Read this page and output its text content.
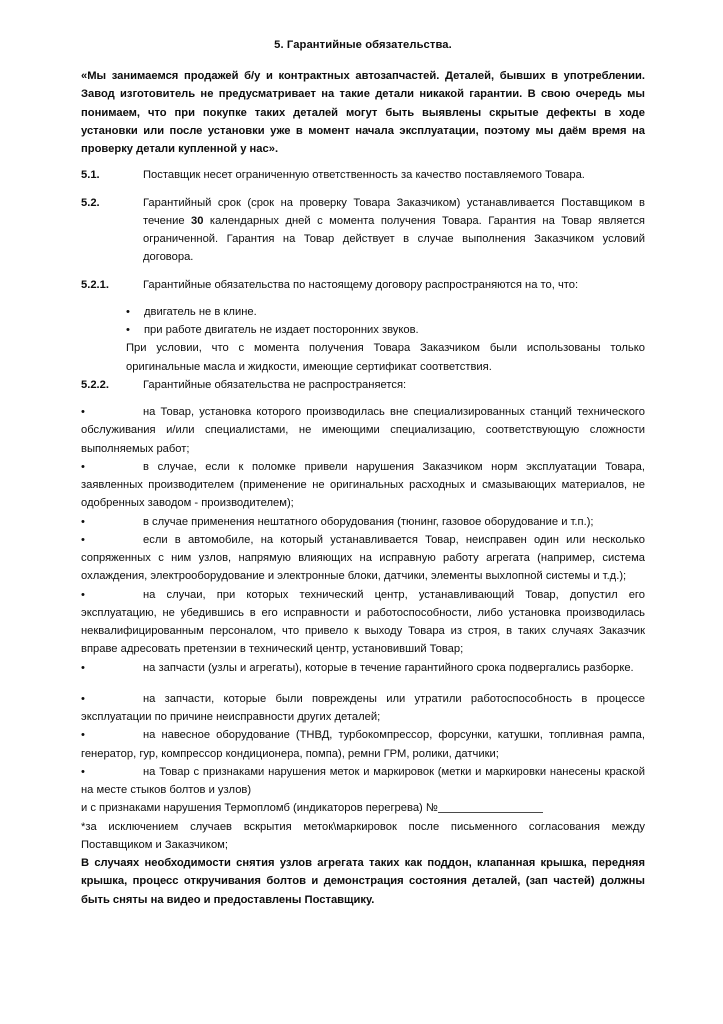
5. Гарантийные обязательства.

«Мы занимаемся продажей б/у и контрактных автозапчастей. Деталей, бывших в употреблении. Завод изготовитель не предусматривает на такие детали никакой гарантии. В свою очередь мы понимаем, что при покупке таких деталей могут быть выявлены скрытые дефекты в ходе установки или после установки уже в момент начала эксплуатации, поэтому мы даём время на проверку детали купленной у нас».

5.1.	Поставщик несет ограниченную ответственность за качество поставляемого Товара.

5.2.	Гарантийный срок (срок на проверку Товара Заказчиком) устанавливается Поставщиком в течение 30 календарных дней с момента получения Товара. Гарантия на Товар является ограниченной. Гарантия на Товар действует в случае выполнения Заказчиком условий договора.

5.2.1.	Гарантийные обязательства по настоящему договору распространяются на то, что:

• двигатель не в клине.
• при работе двигатель не издает посторонних звуков.

При условии, что с момента получения Товара Заказчиком были использованы только оригинальные масла и жидкости, имеющие сертификат соответствия.

5.2.2.	Гарантийные обязательства не распространяется:

•на Товар, установка которого производилась вне специализированных станций технического обслуживания и/или специалистами, не имеющими специализацию, соответствующую сложности выполняемых работ;
•в случае, если к поломке привели нарушения Заказчиком норм эксплуатации Товара, заявленных производителем (применение не оригинальных расходных и смазывающих материалов, не одобренных заводом - производителем);
•в случае применения нештатного оборудования (тюнинг, газовое оборудование и т.п.);
•если в автомобиле, на который устанавливается Товар, неисправен один или несколько сопряженных с ним узлов, напрямую влияющих на исправную работу агрегата (например, система охлаждения, электрооборудование и электронные блоки, датчики, элементы выхлопной системы и т.д.);
•на случаи, при которых технический центр, устанавливающий Товар, допустил его эксплуатацию, не убедившись в его исправности и работоспособности, либо установка производилась неквалифицированным персоналом, что привело к выходу Товара из строя, в таких случаях Заказчик вправе адресовать претензии в технический центр, установивший Товар;
•на запчасти (узлы и агрегаты), которые в течение гарантийного срока подвергались разборке.
•на запчасти, которые были повреждены или утратили работоспособность в процессе эксплуатации по причине неисправности других деталей;
•на навесное оборудование (ТНВД, турбокомпрессор, форсунки, катушки, топливная рампа, генератор, гур, компрессор кондиционера, помпа), ремни ГРМ, ролики, датчики;
•на Товар с признаками нарушения меток и маркировок (метки и маркировки нанесены краской на месте стыков болтов и узлов)

и с признаками нарушения Термопломб (индикаторов перегрева) №

*за исключением случаев вскрытия меток\маркировок после письменного согласования между Поставщиком и Заказчиком;

В случаях необходимости снятия узлов агрегата таких как поддон, клапанная крышка, передняя крышка, процесс откручивания болтов и демонстрация состояния деталей, (зап частей) должны быть сняты на видео и предоставлены Поставщику.
